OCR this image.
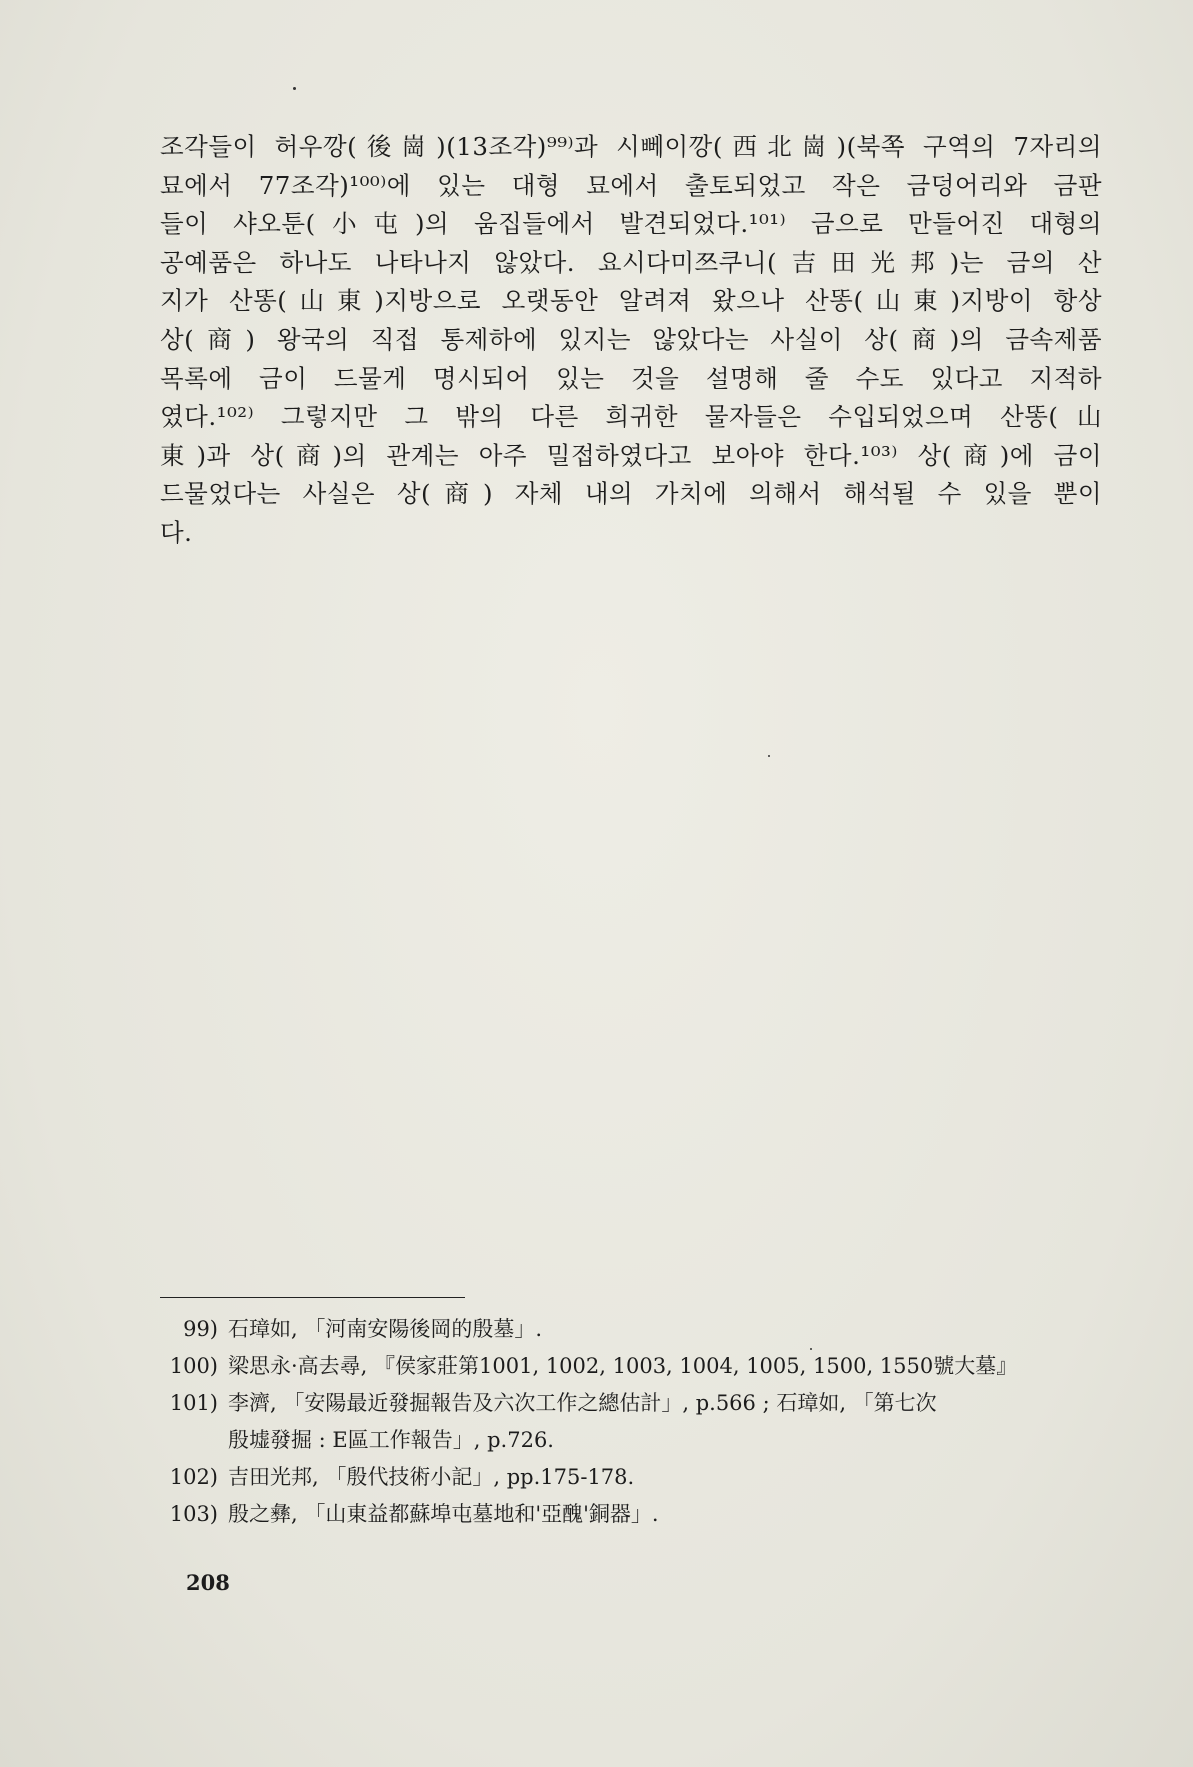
조각들이 허우깡(後崗)(13조각)⁹⁹⁾과 시뻬이깡(西北崗)(북쪽 구역의 7자리의
묘에서 77조각)¹⁰⁰⁾에 있는 대형 묘에서 출토되었고 작은 금덩어리와 금판
들이 샤오툰(小屯)의 움집들에서 발견되었다.¹⁰¹⁾ 금으로 만들어진 대형의
공예품은 하나도 나타나지 않았다. 요시다미쯔쿠니(吉田光邦)는 금의 산
지가 산똥(山東)지방으로 오랫동안 알려져 왔으나 산똥(山東)지방이 항상
상(商) 왕국의 직접 통제하에 있지는 않았다는 사실이 상(商)의 금속제품
목록에 금이 드물게 명시되어 있는 것을 설명해 줄 수도 있다고 지적하
였다.¹⁰²⁾ 그렇지만 그 밖의 다른 희귀한 물자들은 수입되었으며 산똥(山
東)과 상(商)의 관계는 아주 밀접하였다고 보아야 한다.¹⁰³⁾ 상(商)에 금이
드물었다는 사실은 상(商) 자체 내의 가치에 의해서 해석될 수 있을 뿐이
다.
99) 石璋如, 「河南安陽後岡的殷墓」.
100) 梁思永·高去尋, 『侯家莊第1001, 1002, 1003, 1004, 1005, 1500, 1550號大墓』
101) 李濟, 「安陽最近發掘報告及六次工作之總估計」, p.566 ; 石璋如, 「第七次
殷墟發掘 : E區工作報告」, p.726.
102) 吉田光邦, 「殷代技術小記」, pp.175-178.
103) 殷之彝, 「山東益都蘇埠屯墓地和'亞醜'銅器」.
208
